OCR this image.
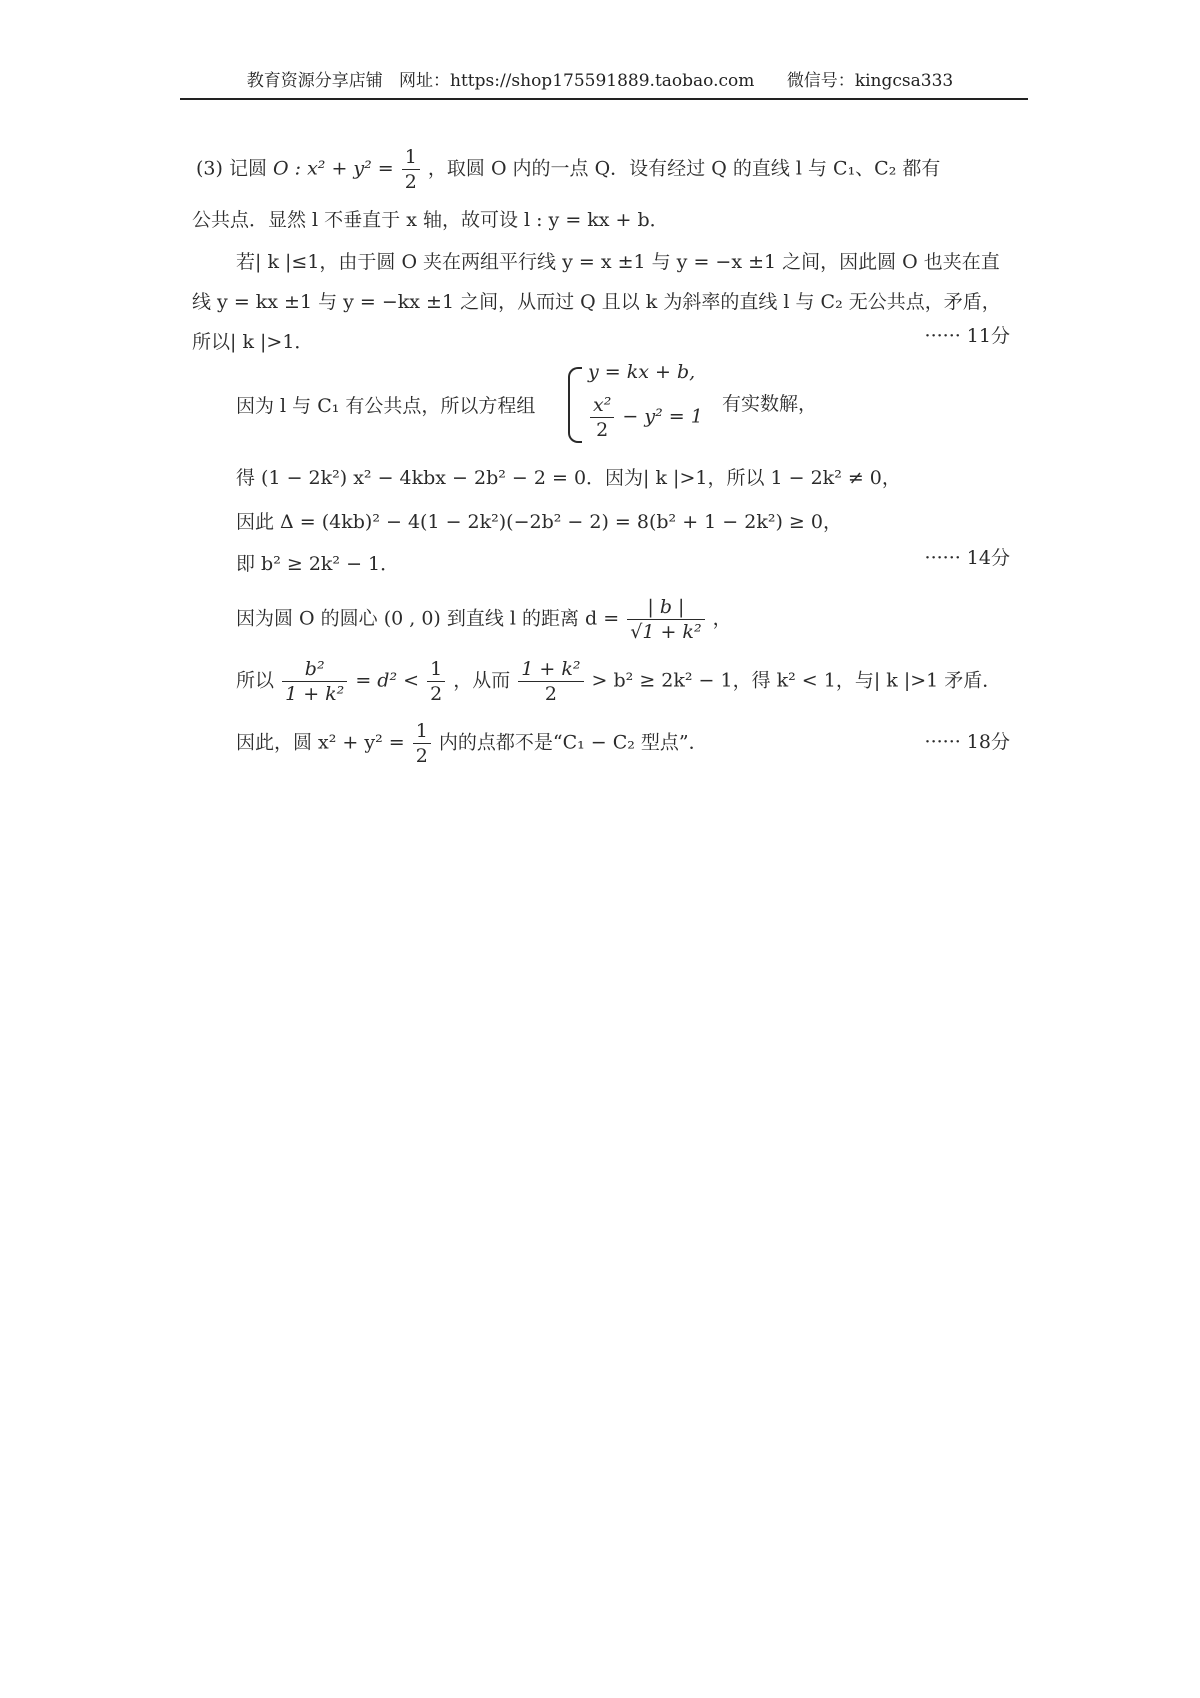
教育资源分享店铺 网址：https://shop175591889.taobao.com 微信号：kingcsa333
(3) 记圆 O : $x^2 + y^2 = \frac{1}{2}$ ，取圆 O 内的一点 Q．设有经过 Q 的直线 l 与 C₁、C₂ 都有
公共点．显然 l 不垂直于 x 轴，故可设 l : y = kx + b．
若| k |≤1，由于圆 O 夹在两组平行线 y = x ±1 与 y = −x ±1 之间，因此圆 O 也夹在直
线 y = kx ±1 与 y = −kx ±1 之间，从而过 Q 且以 k 为斜率的直线 l 与 C₂ 无公共点，矛盾，
所以| k |>1．	······ 11分
因为 l 与 C₁ 有公共点，所以方程组
y = kx + b,
$\frac{\text{x²}}{2} - y^2 = 1$
有实数解，
得 (1 − 2k²) x² − 4kbx − 2b² − 2 = 0．因为| k |>1，所以 1 − 2k² ≠ 0，
因此 Δ = (4kb)² − 4(1 − 2k²)(−2b² − 2) = 8(b² + 1 − 2k²) ≥ 0，
即 b² ≥ 2k² − 1．	······ 14分
因为圆 O 的圆心 (0 , 0) 到直线 l 的距离 $d = \frac{| b |}{\text{√1 + k²}}$ ，
所以 $\frac{\text{b²}}{\text{1 + k²}} = d^2 < \frac{1}{2}$ ，从而 $\frac{\text{1 + k²}}{2} > b^2 \ge 2k^2 - 1$，得 k² < 1，与| k |>1 矛盾．
因此，圆 $x^2 + y^2 = \frac{1}{2}$ 内的点都不是“C₁ − C₂ 型点”．	······ 18分
